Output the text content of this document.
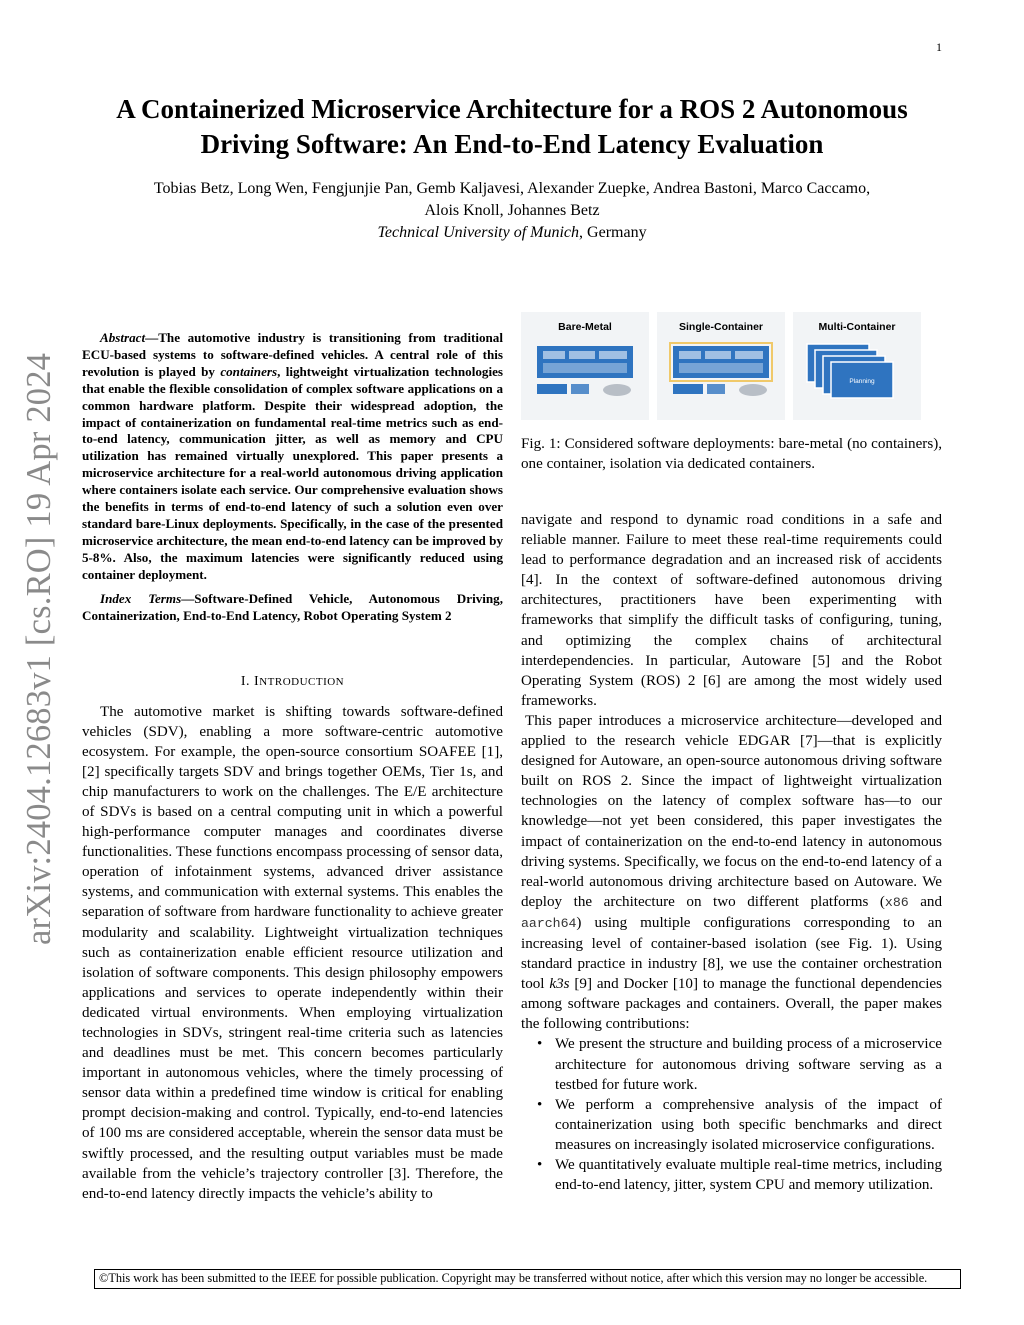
1
arXiv:2404.12683v1 [cs.RO] 19 Apr 2024
A Containerized Microservice Architecture for a ROS 2 Autonomous
Driving Software: An End-to-End Latency Evaluation
Tobias Betz, Long Wen, Fengjunjie Pan, Gemb Kaljavesi, Alexander Zuepke, Andrea Bastoni, Marco Caccamo,
Alois Knoll, Johannes Betz
Technical University of Munich, Germany

Abstract—The automotive industry is transitioning from traditional ECU-based systems to software-defined vehicles. A central role of this revolution is played by containers, lightweight virtualization technologies that enable the flexible consolidation of complex software applications on a common hardware platform. Despite their widespread adoption, the impact of containerization on fundamental real-time metrics such as end-to-end latency, communication jitter, as well as memory and CPU utilization has remained virtually unexplored. This paper presents a microservice architecture for a real-world autonomous driving application where containers isolate each service. Our comprehensive evaluation shows the benefits in terms of end-to-end latency of such a solution even over standard bare-Linux deployments. Specifically, in the case of the presented microservice architecture, the mean end-to-end latency can be improved by 5-8%. Also, the maximum latencies were significantly reduced using container deployment.

Index Terms—Software-Defined Vehicle, Autonomous Driving, Containerization, End-to-End Latency, Robot Operating System 2

I. INTRODUCTION

The automotive market is shifting towards software-defined vehicles (SDV), enabling a more software-centric automotive ecosystem. For example, the open-source consortium SOAFEE [1], [2] specifically targets SDV and brings together OEMs, Tier 1s, and chip manufacturers to work on the challenges. The E/E architecture of SDVs is based on a central computing unit in which a powerful high-performance computer manages and coordinates diverse functionalities. These functions encompass processing of sensor data, operation of infotainment systems, advanced driver assistance systems, and communication with external systems. This enables the separation of software from hardware functionality to achieve greater modularity and scalability. Lightweight virtualization techniques such as containerization enable efficient resource utilization and isolation of software components. This design philosophy empowers applications and services to operate independently within their dedicated virtual environments. When employing virtualization technologies in SDVs, stringent real-time criteria such as latencies and deadlines must be met. This concern becomes particularly important in autonomous vehicles, where the timely processing of sensor data within a predefined time window is critical for enabling prompt decision-making and control. Typically, end-to-end latencies of 100 ms are considered acceptable, wherein the sensor data must be swiftly processed, and the resulting output variables must be made available from the vehicle’s trajectory controller [3]. Therefore, the end-to-end latency directly impacts the vehicle’s ability to

Bare-Metal	Single-Container	Multi-Container
Planning
Fig. 1: Considered software deployments: bare-metal (no containers), one container, isolation via dedicated containers.

navigate and respond to dynamic road conditions in a safe and reliable manner. Failure to meet these real-time requirements could lead to performance degradation and an increased risk of accidents [4]. In the context of software-defined autonomous driving architectures, practitioners have been experimenting with frameworks that simplify the difficult tasks of configuring, tuning, and optimizing the complex chains of architectural interdependencies. In particular, Autoware [5] and the Robot Operating System (ROS) 2 [6] are among the most widely used frameworks.

This paper introduces a microservice architecture—developed and applied to the research vehicle EDGAR [7]—that is explicitly designed for Autoware, an open-source autonomous driving software built on ROS 2. Since the impact of lightweight virtualization technologies on the latency of complex software has—to our knowledge—not yet been considered, this paper investigates the impact of containerization on the end-to-end latency in autonomous driving systems. Specifically, we focus on the end-to-end latency of a real-world autonomous driving architecture based on Autoware. We deploy the architecture on two different platforms (x86 and aarch64) using multiple configurations corresponding to an increasing level of container-based isolation (see Fig. 1). Using standard practice in industry [8], we use the container orchestration tool k3s [9] and Docker [10] to manage the functional dependencies among software packages and containers. Overall, the paper makes the following contributions:

• We present the structure and building process of a microservice architecture for autonomous driving software serving as a testbed for future work.
• We perform a comprehensive analysis of the impact of containerization using both specific benchmarks and direct measures on increasingly isolated microservice configurations.
• We quantitatively evaluate multiple real-time metrics, including end-to-end latency, jitter, system CPU and memory utilization.
©This work has been submitted to the IEEE for possible publication. Copyright may be transferred without notice, after which this version may no longer be accessible.
